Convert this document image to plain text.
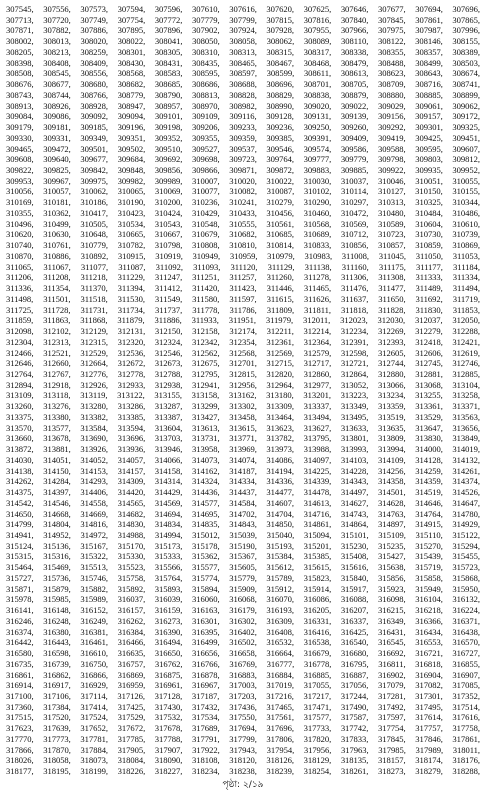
307545, 307556, 307573, 307594, 307596, 307610, 307616, 307620, 307625, 307646, 307677, 307694, 307696,
307713, 307720, 307749, 307754, 307772, 307779, 307799, 307815, 307816, 307840, 307845, 307861, 307865,
307871, 307882, 307886, 307895, 307896, 307902, 307924, 307928, 307955, 307966, 307975, 307987, 307996,
308002, 308013, 308020, 308022, 308041, 308050, 308058, 308062, 308089, 308110, 308122, 308146, 308155,
308205, 308213, 308259, 308301, 308305, 308310, 308313, 308315, 308317, 308338, 308355, 308357, 308389,
308398, 308408, 308409, 308430, 308431, 308435, 308465, 308467, 308468, 308479, 308488, 308499, 308503,
308508, 308545, 308556, 308568, 308583, 308595, 308597, 308599, 308611, 308613, 308623, 308643, 308674,
308676, 308677, 308680, 308682, 308685, 308686, 308688, 308696, 308701, 308705, 308709, 308716, 308741,
308743, 308744, 308766, 308779, 308790, 308813, 308828, 308829, 308838, 308879, 308880, 308885, 308899,
308913, 308926, 308928, 308947, 308957, 308970, 308982, 308990, 309020, 309022, 309029, 309061, 309062,
309084, 309086, 309092, 309094, 309101, 309109, 309116, 309128, 309131, 309139, 309156, 309157, 309172,
309179, 309181, 309185, 309196, 309198, 309206, 309233, 309236, 309250, 309260, 309292, 309301, 309325,
309330, 309331, 309349, 309351, 309352, 309355, 309359, 309385, 309391, 309409, 309419, 309425, 309451,
309465, 309472, 309501, 309502, 309510, 309527, 309537, 309546, 309574, 309586, 309588, 309595, 309607,
309608, 309640, 309677, 309684, 309692, 309698, 309723, 309764, 309777, 309779, 309798, 309803, 309812,
309822, 309825, 309842, 309848, 309856, 309866, 309871, 309872, 309883, 309885, 309922, 309935, 309952,
309953, 309967, 309975, 309982, 309989, 310007, 310020, 310022, 310030, 310037, 310046, 310051, 310055,
310056, 310057, 310062, 310065, 310069, 310077, 310082, 310087, 310102, 310114, 310127, 310150, 310155,
310169, 310181, 310186, 310190, 310200, 310236, 310241, 310279, 310290, 310297, 310313, 310325, 310344,
310355, 310362, 310417, 310423, 310424, 310429, 310433, 310456, 310460, 310472, 310480, 310484, 310486,
310496, 310499, 310505, 310534, 310543, 310548, 310555, 310561, 310568, 310569, 310589, 310604, 310610,
310620, 310630, 310648, 310665, 310667, 310679, 310682, 310685, 310689, 310712, 310723, 310730, 310739,
310740, 310761, 310779, 310782, 310798, 310808, 310810, 310814, 310833, 310856, 310857, 310859, 310869,
310870, 310886, 310892, 310915, 310919, 310949, 310959, 310979, 310983, 311008, 311045, 311050, 311053,
311065, 311067, 311077, 311087, 311092, 311093, 311120, 311129, 311138, 311160, 311175, 311177, 311184,
311206, 311208, 311218, 311229, 311247, 311251, 311257, 311260, 311278, 311306, 311308, 311333, 311334,
311336, 311354, 311370, 311394, 311412, 311420, 311423, 311446, 311465, 311476, 311477, 311489, 311494,
311498, 311501, 311518, 311530, 311549, 311580, 311597, 311615, 311626, 311637, 311650, 311692, 311719,
311725, 311728, 311731, 311734, 311737, 311778, 311786, 311809, 311811, 311818, 311828, 311830, 311853,
311859, 311863, 311868, 311879, 311886, 311933, 311951, 311979, 312011, 312023, 312030, 312037, 312050,
312098, 312102, 312129, 312131, 312150, 312158, 312174, 312211, 312214, 312234, 312269, 312279, 312288,
312304, 312313, 312315, 312320, 312324, 312342, 312354, 312361, 312364, 312391, 312393, 312418, 312421,
312466, 312521, 312529, 312536, 312546, 312562, 312568, 312569, 312579, 312598, 312605, 312606, 312619,
312646, 312660, 312664, 312672, 312673, 312675, 312701, 312715, 312717, 312721, 312744, 312745, 312746,
312764, 312767, 312776, 312778, 312788, 312795, 312815, 312820, 312860, 312864, 312880, 312881, 312885,
312894, 312918, 312926, 312933, 312938, 312941, 312956, 312964, 312977, 313052, 313066, 313068, 313104,
313109, 313118, 313119, 313122, 313155, 313158, 313162, 313180, 313201, 313223, 313234, 313255, 313258,
313260, 313276, 313280, 313286, 313287, 313299, 313302, 313309, 313337, 313349, 313359, 313361, 313371,
313375, 313380, 313382, 313385, 313387, 313427, 313458, 313464, 313494, 313495, 313519, 313529, 313563,
313570, 313577, 313584, 313594, 313604, 313613, 313615, 313623, 313627, 313633, 313635, 313647, 313656,
313660, 313678, 313690, 313696, 313703, 313731, 313771, 313782, 313795, 313801, 313809, 313830, 313849,
313872, 313881, 313926, 313936, 313946, 313958, 313969, 313973, 313988, 313993, 313994, 314000, 314019,
314030, 314051, 314052, 314057, 314066, 314073, 314074, 314086, 314097, 314103, 314109, 314128, 314132,
314138, 314150, 314153, 314157, 314158, 314162, 314187, 314194, 314225, 314228, 314256, 314259, 314261,
314262, 314284, 314293, 314309, 314314, 314324, 314334, 314336, 314339, 314343, 314358, 314359, 314374,
314375, 314397, 314406, 314420, 314429, 314436, 314437, 314477, 314478, 314497, 314501, 314519, 314526,
314542, 314546, 314558, 314565, 314569, 314577, 314584, 314607, 314613, 314627, 314628, 314646, 314647,
314650, 314668, 314669, 314682, 314694, 314695, 314702, 314704, 314716, 314743, 314763, 314764, 314780,
314799, 314804, 314816, 314830, 314834, 314835, 314843, 314850, 314861, 314864, 314897, 314915, 314929,
314941, 314952, 314972, 314988, 314994, 315012, 315039, 315040, 315094, 315101, 315109, 315110, 315122,
315124, 315136, 315167, 315170, 315173, 315178, 315190, 315193, 315201, 315230, 315235, 315270, 315294,
315315, 315316, 315322, 315330, 315333, 315362, 315367, 315384, 315385, 315408, 315427, 315439, 315455,
315464, 315469, 315513, 315523, 315566, 315577, 315605, 315612, 315615, 315616, 315638, 315719, 315723,
315727, 315736, 315746, 315758, 315764, 315774, 315779, 315789, 315823, 315840, 315856, 315858, 315868,
315871, 315879, 315882, 315892, 315893, 315894, 315909, 315912, 315914, 315917, 315923, 315949, 315950,
315978, 315985, 315989, 316037, 316039, 316060, 316068, 316070, 316086, 316088, 316098, 316104, 316132,
316141, 316148, 316152, 316157, 316159, 316163, 316179, 316193, 316205, 316207, 316215, 316218, 316224,
316246, 316248, 316249, 316262, 316273, 316301, 316302, 316309, 316331, 316337, 316349, 316366, 316371,
316374, 316380, 316381, 316384, 316390, 316395, 316402, 316408, 316416, 316425, 316431, 316434, 316438,
316442, 316443, 316461, 316466, 316494, 316499, 316502, 316532, 316538, 316540, 316545, 316553, 316570,
316580, 316598, 316610, 316635, 316650, 316656, 316658, 316664, 316679, 316680, 316692, 316721, 316727,
316735, 316739, 316750, 316757, 316762, 316766, 316769, 316777, 316778, 316795, 316811, 316818, 316855,
316861, 316862, 316866, 316869, 316875, 316878, 316883, 316884, 316885, 316887, 316902, 316904, 316907,
316914, 316917, 316929, 316959, 316961, 316967, 317003, 317019, 317055, 317056, 317079, 317082, 317085,
317100, 317106, 317114, 317126, 317128, 317187, 317203, 317216, 317217, 317244, 317281, 317301, 317352,
317360, 317384, 317414, 317425, 317430, 317432, 317436, 317465, 317471, 317490, 317492, 317495, 317514,
317515, 317520, 317524, 317529, 317532, 317534, 317550, 317561, 317577, 317587, 317597, 317614, 317616,
317623, 317639, 317652, 317672, 317678, 317689, 317694, 317696, 317733, 317742, 317754, 317757, 317758,
317770, 317773, 317781, 317785, 317788, 317791, 317799, 317806, 317820, 317833, 317845, 317846, 317861,
317866, 317870, 317884, 317905, 317907, 317922, 317943, 317954, 317956, 317963, 317985, 317989, 318011,
318026, 318058, 318073, 318084, 318090, 318108, 318120, 318126, 318129, 318135, 318157, 318174, 318176,
318177, 318195, 318199, 318226, 318227, 318234, 318238, 318239, 318254, 318261, 318273, 318279, 318288,
পৃষ্ঠা: ২/১৯
